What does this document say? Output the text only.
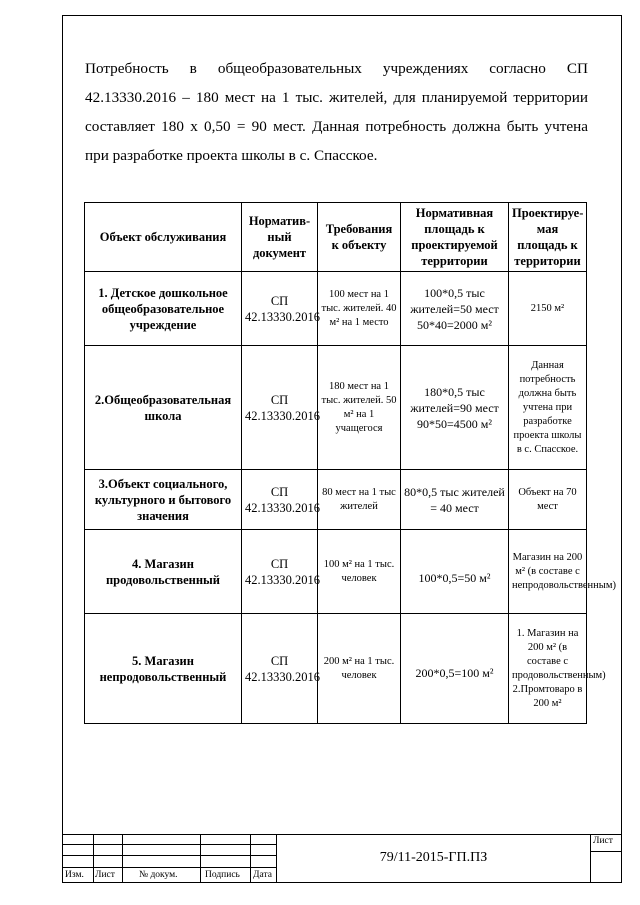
Потребность в общеобразовательных учреждениях согласно СП 42.13330.2016 – 180 мест на 1 тыс. жителей, для планируемой территории составляет 180 х 0,50 = 90 мест. Данная потребность должна быть учтена при разработке проекта школы в с. Спасское.

Объект обслуживания	Норматив-ный документ	Требования к объекту	Нормативная площадь к проектируемой территории	Проектируе-мая площадь к территории
1. Детское дошкольное общеобразовательное учреждение	СП 42.13330.2016	100 мест на 1 тыс. жителей. 40 м² на 1 место	100*0,5 тыс жителей=50 мест 50*40=2000 м²	2150 м²
2.Общеобразовательная школа	СП 42.13330.2016	180 мест на 1 тыс. жителей. 50 м² на 1 учащегося	180*0,5 тыс жителей=90 мест 90*50=4500 м²	Данная потребность должна быть учтена при разработке проекта школы в с. Спасское.
3.Объект социального, культурного и бытового значения	СП 42.13330.2016	80 мест на 1 тыс жителей	80*0,5 тыс жителей = 40 мест	Объект на 70 мест
4. Магазин продовольственный	СП 42.13330.2016	100 м² на 1 тыс. человек	100*0,5=50 м²	Магазин на 200 м² (в составе с непродовольственным)
5. Магазин непродовольственный	СП 42.13330.2016	200 м² на 1 тыс. человек	200*0,5=100 м²	1. Магазин на 200 м² (в составе с продовольственным) 2.Промтоваро в 200 м²
Изм. Лист	№ докум.	Подпись Дата
79/11-2015-ГП.ПЗ
Лист
